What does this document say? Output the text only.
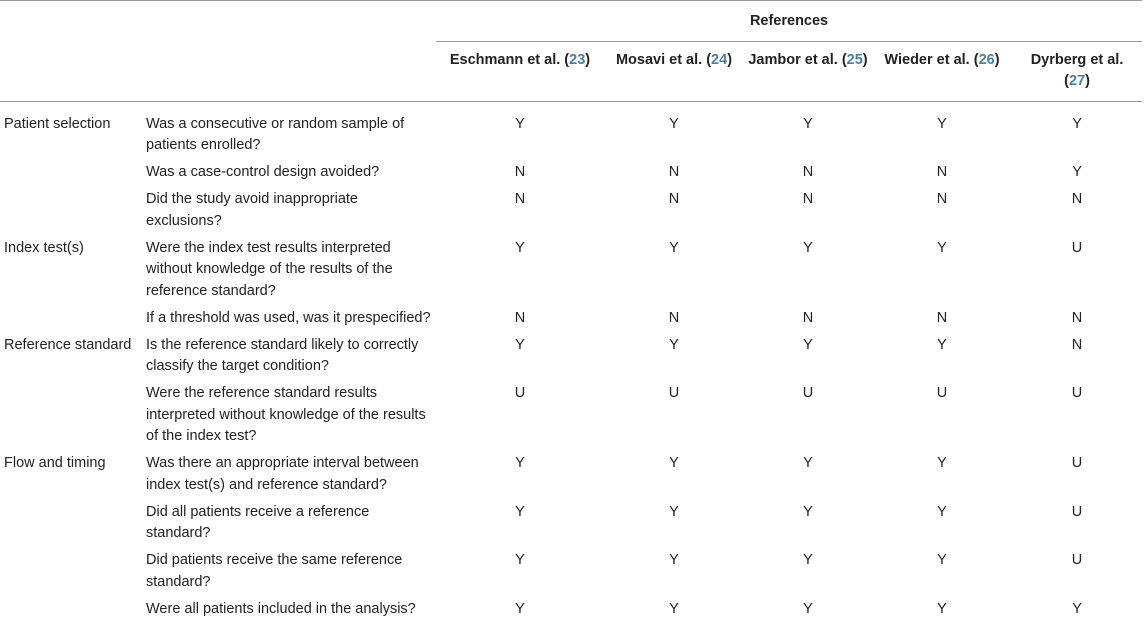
		References				
		Eschmann et al. (23)	Mosavi et al. (24)	Jambor et al. (25)	Wieder et al. (26)	Dyrberg et al. (27)
Patient selection	Was a consecutive or random sample of patients enrolled?	Y	Y	Y	Y	Y
	Was a case-control design avoided?	N	N	N	N	Y
	Did the study avoid inappropriate exclusions?	N	N	N	N	N
Index test(s)	Were the index test results interpreted without knowledge of the results of the reference standard?	Y	Y	Y	Y	U
	If a threshold was used, was it prespecified?	N	N	N	N	N
Reference standard	Is the reference standard likely to correctly classify the target condition?	Y	Y	Y	Y	N
	Were the reference standard results interpreted without knowledge of the results of the index test?	U	U	U	U	U
Flow and timing	Was there an appropriate interval between index test(s) and reference standard?	Y	Y	Y	Y	U
	Did all patients receive a reference standard?	Y	Y	Y	Y	U
	Did patients receive the same reference standard?	Y	Y	Y	Y	U
	Were all patients included in the analysis?	Y	Y	Y	Y	Y
